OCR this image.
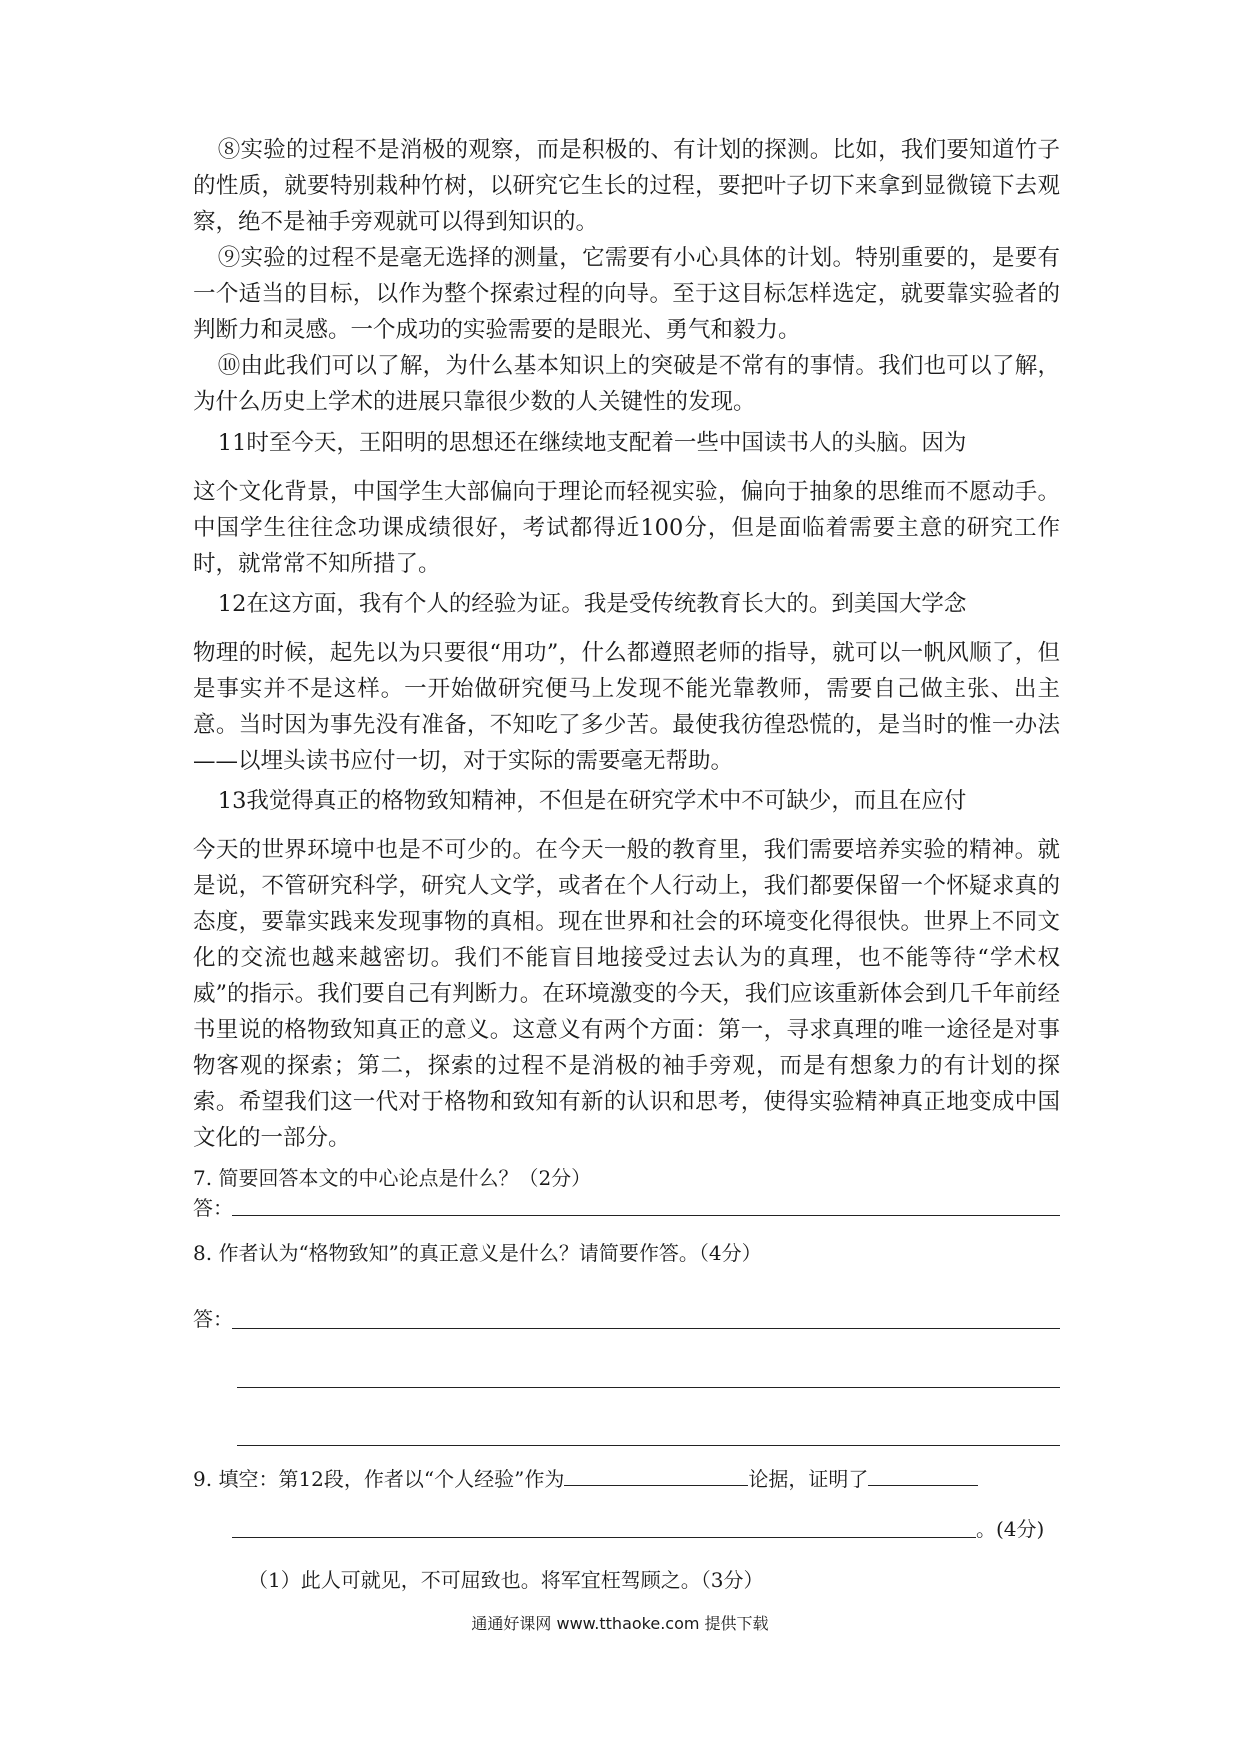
⑧实验的过程不是消极的观察，而是积极的、有计划的探测。比如，我们要知道竹子的性质，就要特别栽种竹树，以研究它生长的过程，要把叶子切下来拿到显微镜下去观察，绝不是袖手旁观就可以得到知识的。

⑨实验的过程不是毫无选择的测量，它需要有小心具体的计划。特别重要的，是要有一个适当的目标，以作为整个探索过程的向导。至于这目标怎样选定，就要靠实验者的判断力和灵感。一个成功的实验需要的是眼光、勇气和毅力。

⑩由此我们可以了解，为什么基本知识上的突破是不常有的事情。我们也可以了解，为什么历史上学术的进展只靠很少数的人关键性的发现。

11时至今天，王阳明的思想还在继续地支配着一些中国读书人的头脑。因为

这个文化背景，中国学生大部偏向于理论而轻视实验，偏向于抽象的思维而不愿动手。中国学生往往念功课成绩很好，考试都得近100分，但是面临着需要主意的研究工作时，就常常不知所措了。

12在这方面，我有个人的经验为证。我是受传统教育长大的。到美国大学念

物理的时候，起先以为只要很“用功”，什么都遵照老师的指导，就可以一帆风顺了，但是事实并不是这样。一开始做研究便马上发现不能光靠教师，需要自己做主张、出主意。当时因为事先没有准备，不知吃了多少苦。最使我彷徨恐慌的，是当时的惟一办法——以埋头读书应付一切，对于实际的需要毫无帮助。

13我觉得真正的格物致知精神，不但是在研究学术中不可缺少，而且在应付

今天的世界环境中也是不可少的。在今天一般的教育里，我们需要培养实验的精神。就是说，不管研究科学，研究人文学，或者在个人行动上，我们都要保留一个怀疑求真的态度，要靠实践来发现事物的真相。现在世界和社会的环境变化得很快。世界上不同文化的交流也越来越密切。我们不能盲目地接受过去认为的真理，也不能等待“学术权威”的指示。我们要自己有判断力。在环境激变的今天，我们应该重新体会到几千年前经书里说的格物致知真正的意义。这意义有两个方面：第一，寻求真理的唯一途径是对事物客观的探索；第二，探索的过程不是消极的袖手旁观，而是有想象力的有计划的探索。希望我们这一代对于格物和致知有新的认识和思考，使得实验精神真正地变成中国文化的一部分。

7. 简要回答本文的中心论点是什么？（2分）

答：

8. 作者认为“格物致知”的真正意义是什么？请简要作答。（4分）

答：

9. 填空：第12段，作者以“个人经验”作为	论据，证明了

。(4分)
（1）此人可就见，不可屈致也。将军宜枉驾顾之。（3分）
通通好课网 www.tthaoke.com 提供下载
